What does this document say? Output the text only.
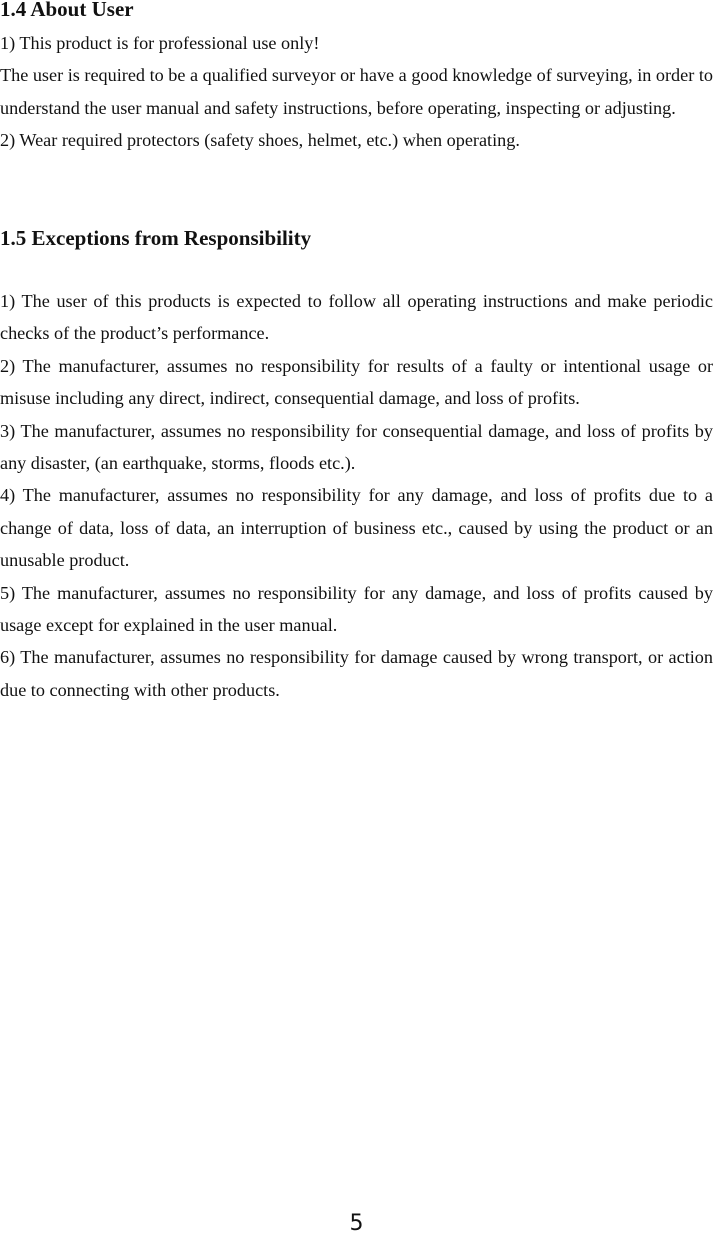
1.4 About User

1) This product is for professional use only!

The user is required to be a qualified surveyor or have a good knowledge of surveying, in order to understand the user manual and safety instructions, before operating, inspecting or adjusting.

2) Wear required protectors (safety shoes, helmet, etc.) when operating.

1.5 Exceptions from Responsibility

1) The user of this products is expected to follow all operating instructions and make periodic checks of the product’s performance.

2) The manufacturer, assumes no responsibility for results of a faulty or intentional usage or misuse including any direct, indirect, consequential damage, and loss of profits.

3) The manufacturer, assumes no responsibility for consequential damage, and loss of profits by any disaster, (an earthquake, storms, floods etc.).

4) The manufacturer, assumes no responsibility for any damage, and loss of profits due to a change of data, loss of data, an interruption of business etc., caused by using the product or an unusable product.

5) The manufacturer, assumes no responsibility for any damage, and loss of profits caused by usage except for explained in the user manual.

6) The manufacturer, assumes no responsibility for damage caused by wrong transport, or action due to connecting with other products.

5
